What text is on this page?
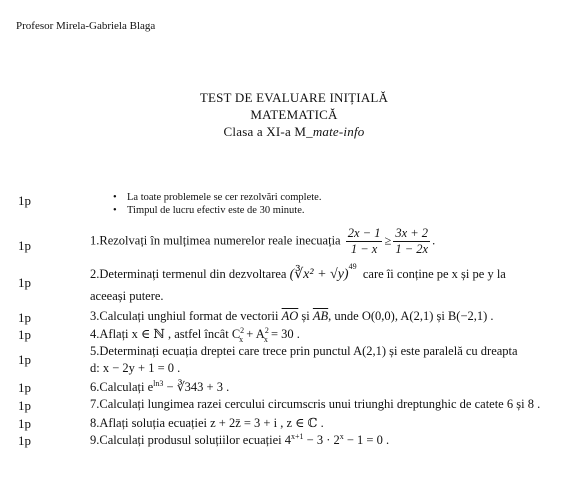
Profesor Mirela-Gabriela Blaga
TEST DE EVALUARE INIȚIALĂ
MATEMATICĂ
Clasa a XI-a M_mate-info
1p
1p
1p
1p
1p
1p
1p
1p
1p
1p
• La toate problemele se cer rezolvări complete.
• Timpul de lucru efectiv este de 30 minute.
1.Rezolvați în mulțimea numerelor reale inecuația $\frac{2x - 1}{1 - x} \ge \frac{3x + 2}{1 - 2x}$ .
2.Determinați termenul din dezvoltarea (∛x² + √y)$^{49}$  care îi conține pe x și pe y la
aceeași putere.
3.Calculați unghiul format de vectorii $\overline{AO}$ și $\overline{AB}$, unde O(0,0), A(2,1) și B(−2,1) .
4.Aflați x ∈ ℕ , astfel încât $C^2_x + A^2_x = 30$ .
5.Determinați ecuația dreptei care trece prin punctul A(2,1) și este paralelă cu dreapta
d: x − 2y + 1 = 0 .
6.Calculați $e^{ln3}$ − ∛343 + 3 .
7.Calculați lungimea razei cercului circumscris unui triunghi dreptunghic de catete 6 și 8 .
8.Aflați soluția ecuației z + 2z̄ = 3 + i , z ∈ ℂ .
9.Calculați produsul soluțiilor ecuației $4^{x+1} - 3 \cdot 2^x - 1 = 0$ .
